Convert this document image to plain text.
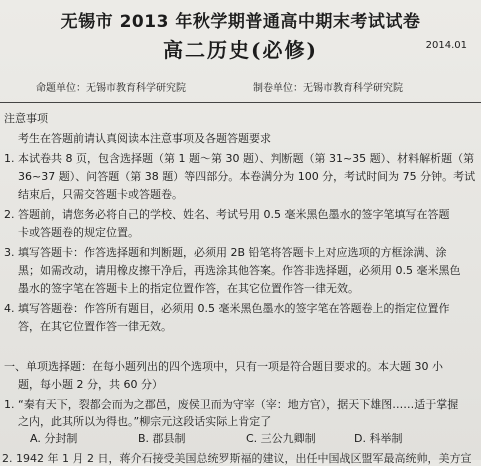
无锡市 2013 年秋学期普通高中期末考试试卷
高二历史(必修)	2014.01
命题单位：无锡市教育科学研究院	制卷单位：无锡市教育科学研究院
注意事项
考生在答题前请认真阅读本注意事项及各题答题要求
1. 本试卷共 8 页，包含选择题（第 1 题～第 30 题）、判断题（第 31~35 题）、材料解析题（第
36~37 题）、问答题（第 38 题）等四部分。本卷满分为 100 分，考试时间为 75 分钟。考试
结束后，只需交答题卡或答题卷。
2. 答题前，请您务必将自己的学校、姓名、考试号用 0.5 毫米黑色墨水的签字笔填写在答题
卡或答题卷的规定位置。
3. 填写答题卡：作答选择题和判断题，必须用 2B 铅笔将答题卡上对应选项的方框涂满、涂
黑；如需改动，请用橡皮擦干净后，再选涂其他答案。作答非选择题，必须用 0.5 毫米黑色
墨水的签字笔在答题卡上的指定位置作答，在其它位置作答一律无效。
4. 填写答题卷：作答所有题目，必须用 0.5 毫米黑色墨水的签字笔在答题卷上的指定位置作
答，在其它位置作答一律无效。
一、单项选择题：在每小题列出的四个选项中，只有一项是符合题目要求的。本大题 30 小
题，每小题 2 分，共 60 分）
1. “秦有天下，裂都会而为之郡邑，废侯卫而为守宰（宰：地方官），据天下雄图……适于掌握
之内，此其所以为得也。”柳宗元这段话实际上肯定了
A. 分封制	B. 郡县制	C. 三公九卿制	D. 科举制
2. 1942 年 1 月 2 日，蒋介石接受美国总统罗斯福的建议，出任中国战区盟军最高统帅，美方宣
